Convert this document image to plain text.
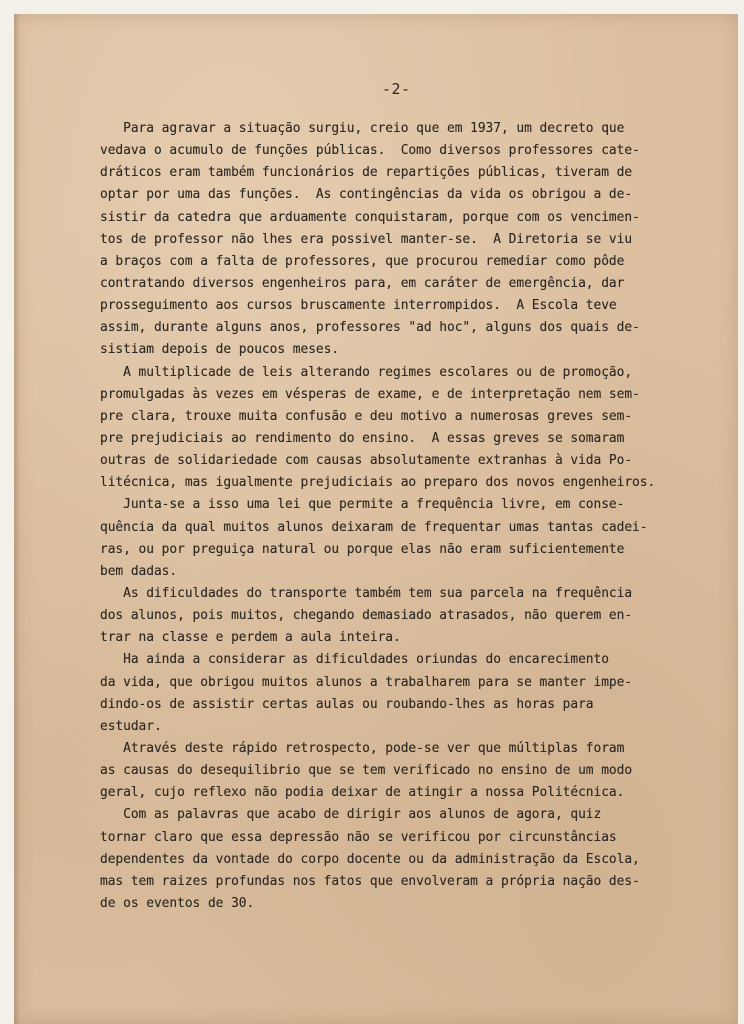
-2-
Para agravar a situação surgiu, creio que em 1937, um decreto que
vedava o acumulo de funções públicas.  Como diversos professores cate-
dráticos eram também funcionários de repartições públicas, tiveram de
optar por uma das funções.  As contingências da vida os obrigou a de-
sistir da catedra que arduamente conquistaram, porque com os vencimen-
tos de professor não lhes era possivel manter-se.  A Diretoria se viu
a braços com a falta de professores, que procurou remediar como pôde
contratando diversos engenheiros para, em caráter de emergência, dar
prosseguimento aos cursos bruscamente interrompidos.  A Escola teve
assim, durante alguns anos, professores "ad hoc", alguns dos quais de-
sistiam depois de poucos meses.
A multiplicade de leis alterando regimes escolares ou de promoção,
promulgadas às vezes em vésperas de exame, e de interpretação nem sem-
pre clara, trouxe muita confusão e deu motivo a numerosas greves sem-
pre prejudiciais ao rendimento do ensino.  A essas greves se somaram
outras de solidariedade com causas absolutamente extranhas à vida Po-
litécnica, mas igualmente prejudiciais ao preparo dos novos engenheiros.
Junta-se a isso uma lei que permite a frequência livre, em conse-
quência da qual muitos alunos deixaram de frequentar umas tantas cadei-
ras, ou por preguiça natural ou porque elas não eram suficientemente
bem dadas.
As dificuldades do transporte também tem sua parcela na frequência
dos alunos, pois muitos, chegando demasiado atrasados, não querem en-
trar na classe e perdem a aula inteira.
Ha ainda a considerar as dificuldades oriundas do encarecimento
da vida, que obrigou muitos alunos a trabalharem para se manter impe-
dindo-os de assistir certas aulas ou roubando-lhes as horas para
estudar.
Através deste rápido retrospecto, pode-se ver que múltiplas foram
as causas do desequilibrio que se tem verificado no ensino de um modo
geral, cujo reflexo não podia deixar de atingir a nossa Politécnica.
Com as palavras que acabo de dirigir aos alunos de agora, quiz
tornar claro que essa depressão não se verificou por circunstâncias
dependentes da vontade do corpo docente ou da administração da Escola,
mas tem raizes profundas nos fatos que envolveram a própria nação des-
de os eventos de 30.
